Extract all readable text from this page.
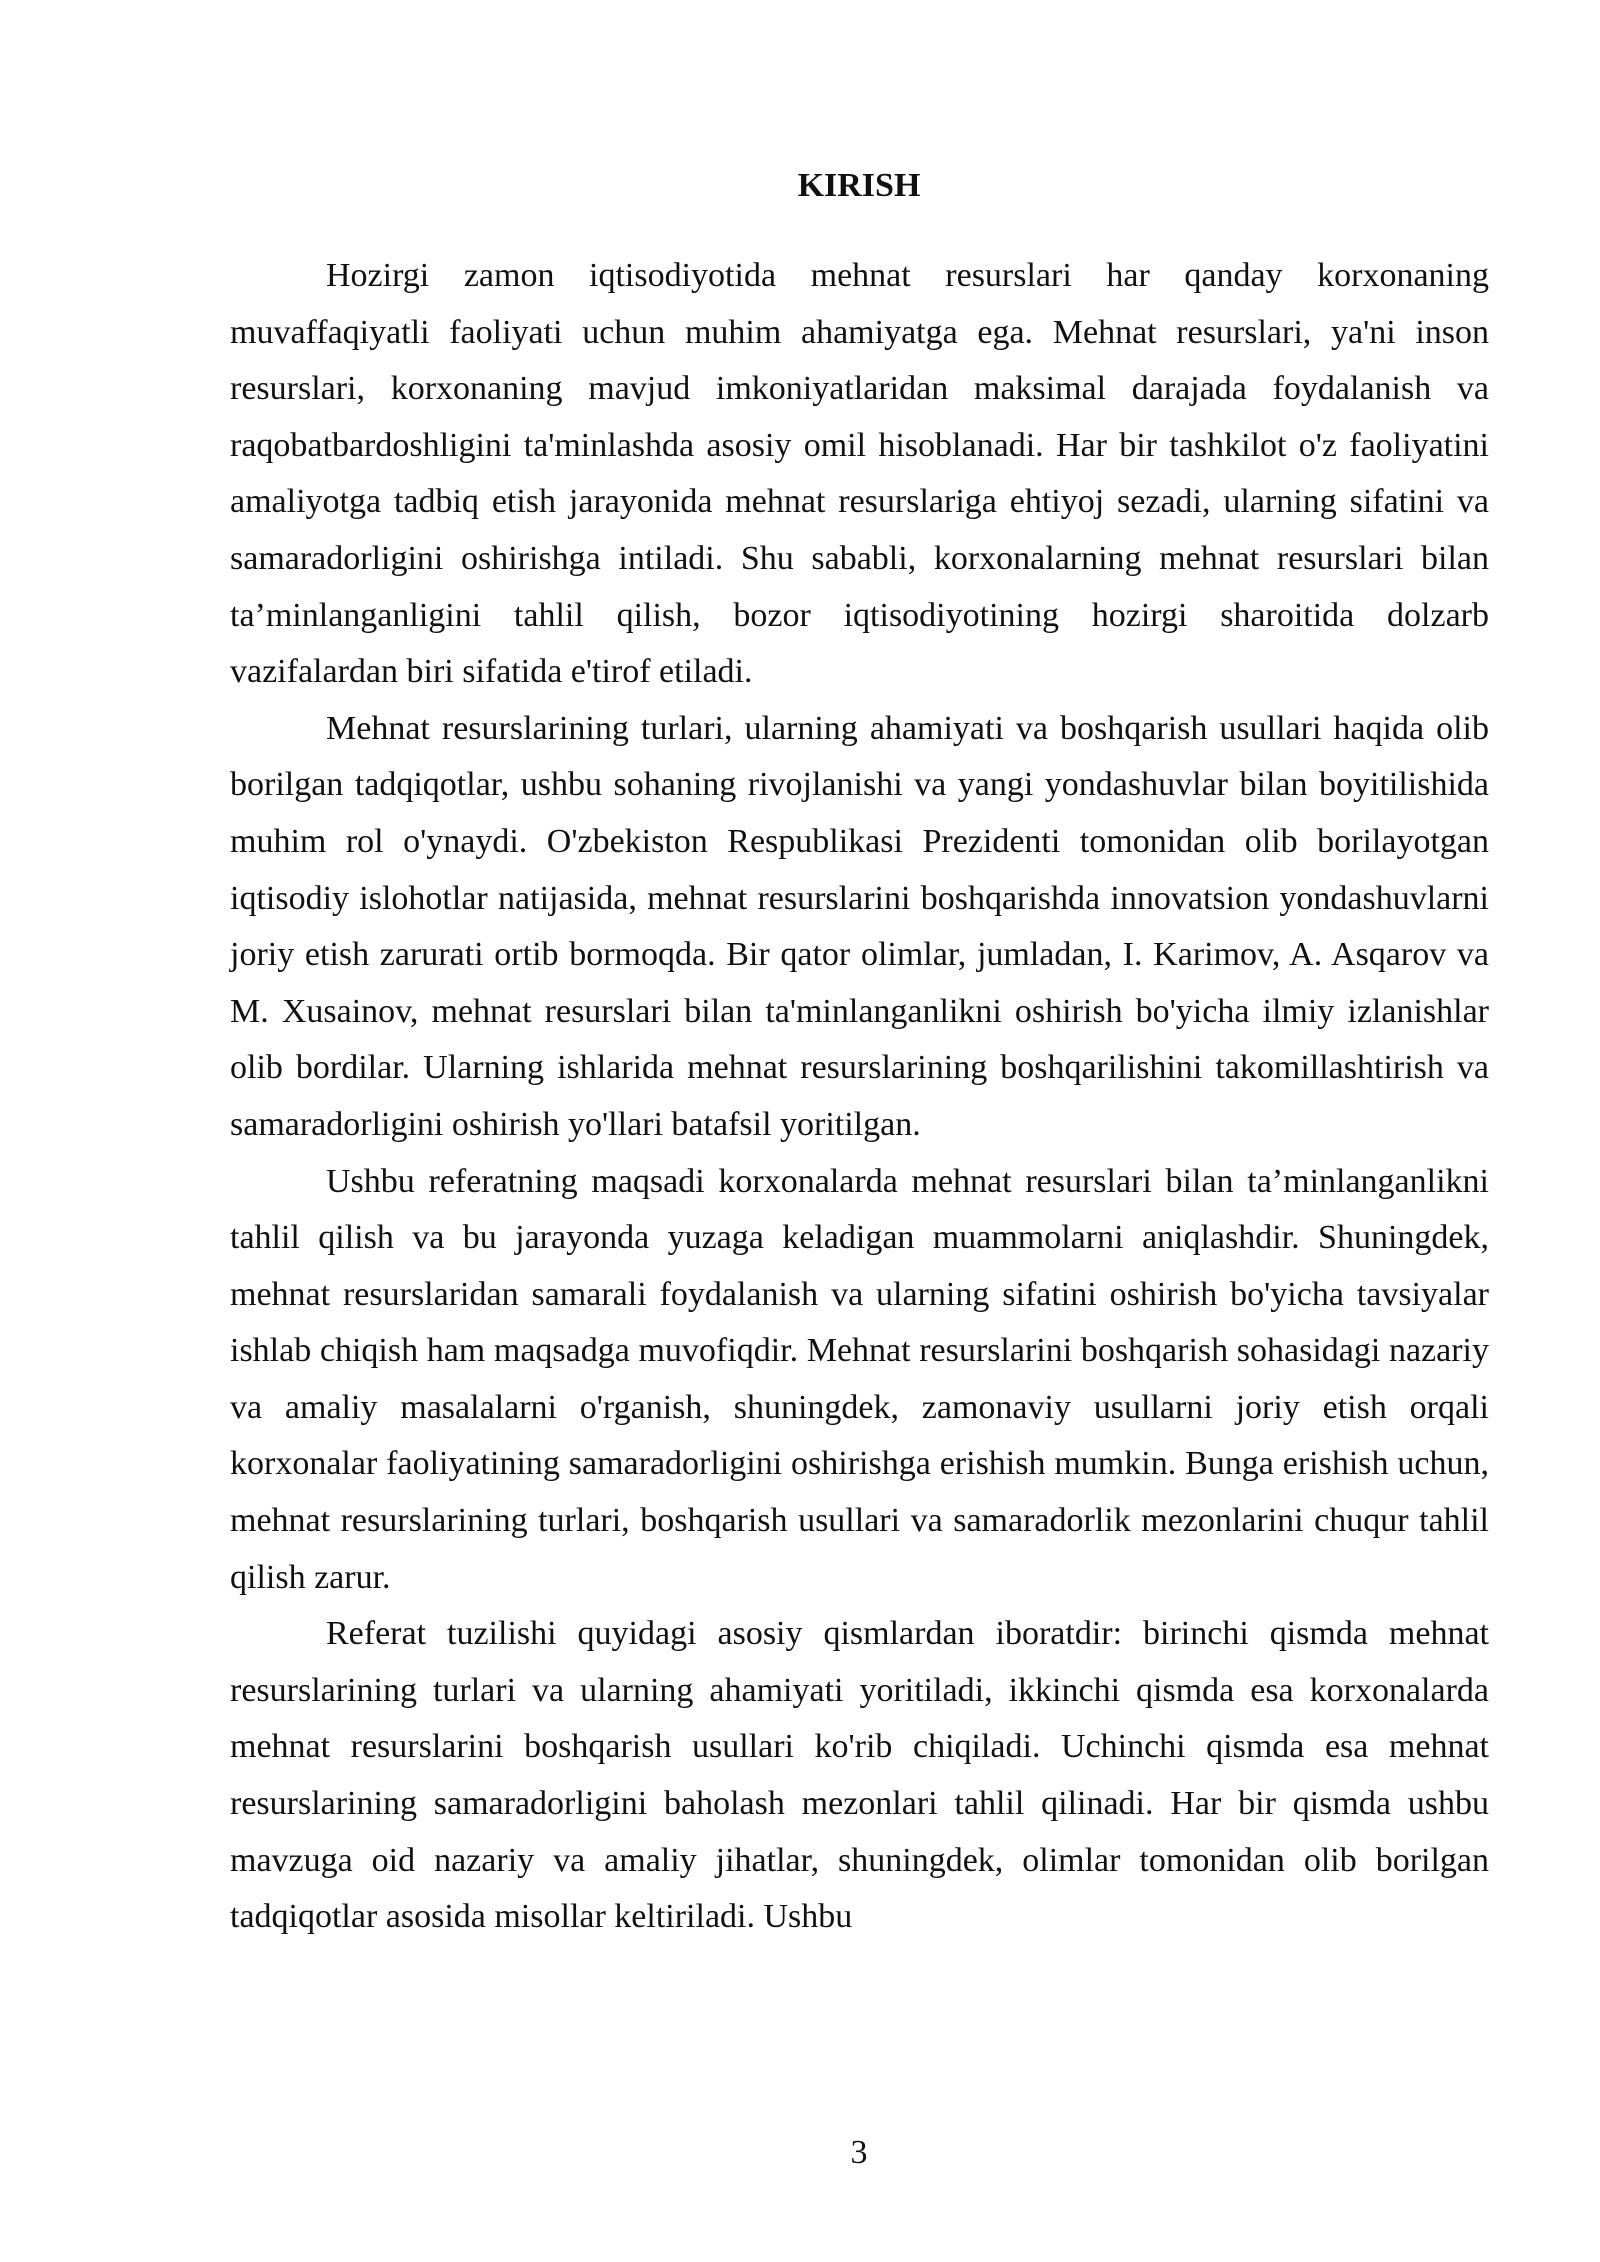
KIRISH

Hozirgi zamon iqtisodiyotida mehnat resurslari har qanday korxonaning muvaffaqiyatli faoliyati uchun muhim ahamiyatga ega. Mehnat resurslari, ya'ni inson resurslari, korxonaning mavjud imkoniyatlaridan maksimal darajada foydalanish va raqobatbardoshligini ta'minlashda asosiy omil hisoblanadi. Har bir tashkilot o'z faoliyatini amaliyotga tadbiq etish jarayonida mehnat resurslariga ehtiyoj sezadi, ularning sifatini va samaradorligini oshirishga intiladi. Shu sababli, korxonalarning mehnat resurslari bilan ta’minlanganligini tahlil qilish, bozor iqtisodiyotining hozirgi sharoitida dolzarb vazifalardan biri sifatida e'tirof etiladi.

Mehnat resurslarining turlari, ularning ahamiyati va boshqarish usullari haqida olib borilgan tadqiqotlar, ushbu sohaning rivojlanishi va yangi yondashuvlar bilan boyitilishida muhim rol o'ynaydi. O'zbekiston Respublikasi Prezidenti tomonidan olib borilayotgan iqtisodiy islohotlar natijasida, mehnat resurslarini boshqarishda innovatsion yondashuvlarni joriy etish zarurati ortib bormoqda. Bir qator olimlar, jumladan, I. Karimov, A. Asqarov va M. Xusainov, mehnat resurslari bilan ta'minlanganlikni oshirish bo'yicha ilmiy izlanishlar olib bordilar. Ularning ishlarida mehnat resurslarining boshqarilishini takomillashtirish va samaradorligini oshirish yo'llari batafsil yoritilgan.

Ushbu referatning maqsadi korxonalarda mehnat resurslari bilan ta’minlanganlikni tahlil qilish va bu jarayonda yuzaga keladigan muammolarni aniqlashdir. Shuningdek, mehnat resurslaridan samarali foydalanish va ularning sifatini oshirish bo'yicha tavsiyalar ishlab chiqish ham maqsadga muvofiqdir. Mehnat resurslarini boshqarish sohasidagi nazariy va amaliy masalalarni o'rganish, shuningdek, zamonaviy usullarni joriy etish orqali korxonalar faoliyatining samaradorligini oshirishga erishish mumkin. Bunga erishish uchun, mehnat resurslarining turlari, boshqarish usullari va samaradorlik mezonlarini chuqur tahlil qilish zarur.

Referat tuzilishi quyidagi asosiy qismlardan iboratdir: birinchi qismda mehnat resurslarining turlari va ularning ahamiyati yoritiladi, ikkinchi qismda esa korxonalarda mehnat resurslarini boshqarish usullari ko'rib chiqiladi. Uchinchi qismda esa mehnat resurslarining samaradorligini baholash mezonlari tahlil qilinadi. Har bir qismda ushbu mavzuga oid nazariy va amaliy jihatlar, shuningdek, olimlar tomonidan olib borilgan tadqiqotlar asosida misollar keltiriladi. Ushbu

3
